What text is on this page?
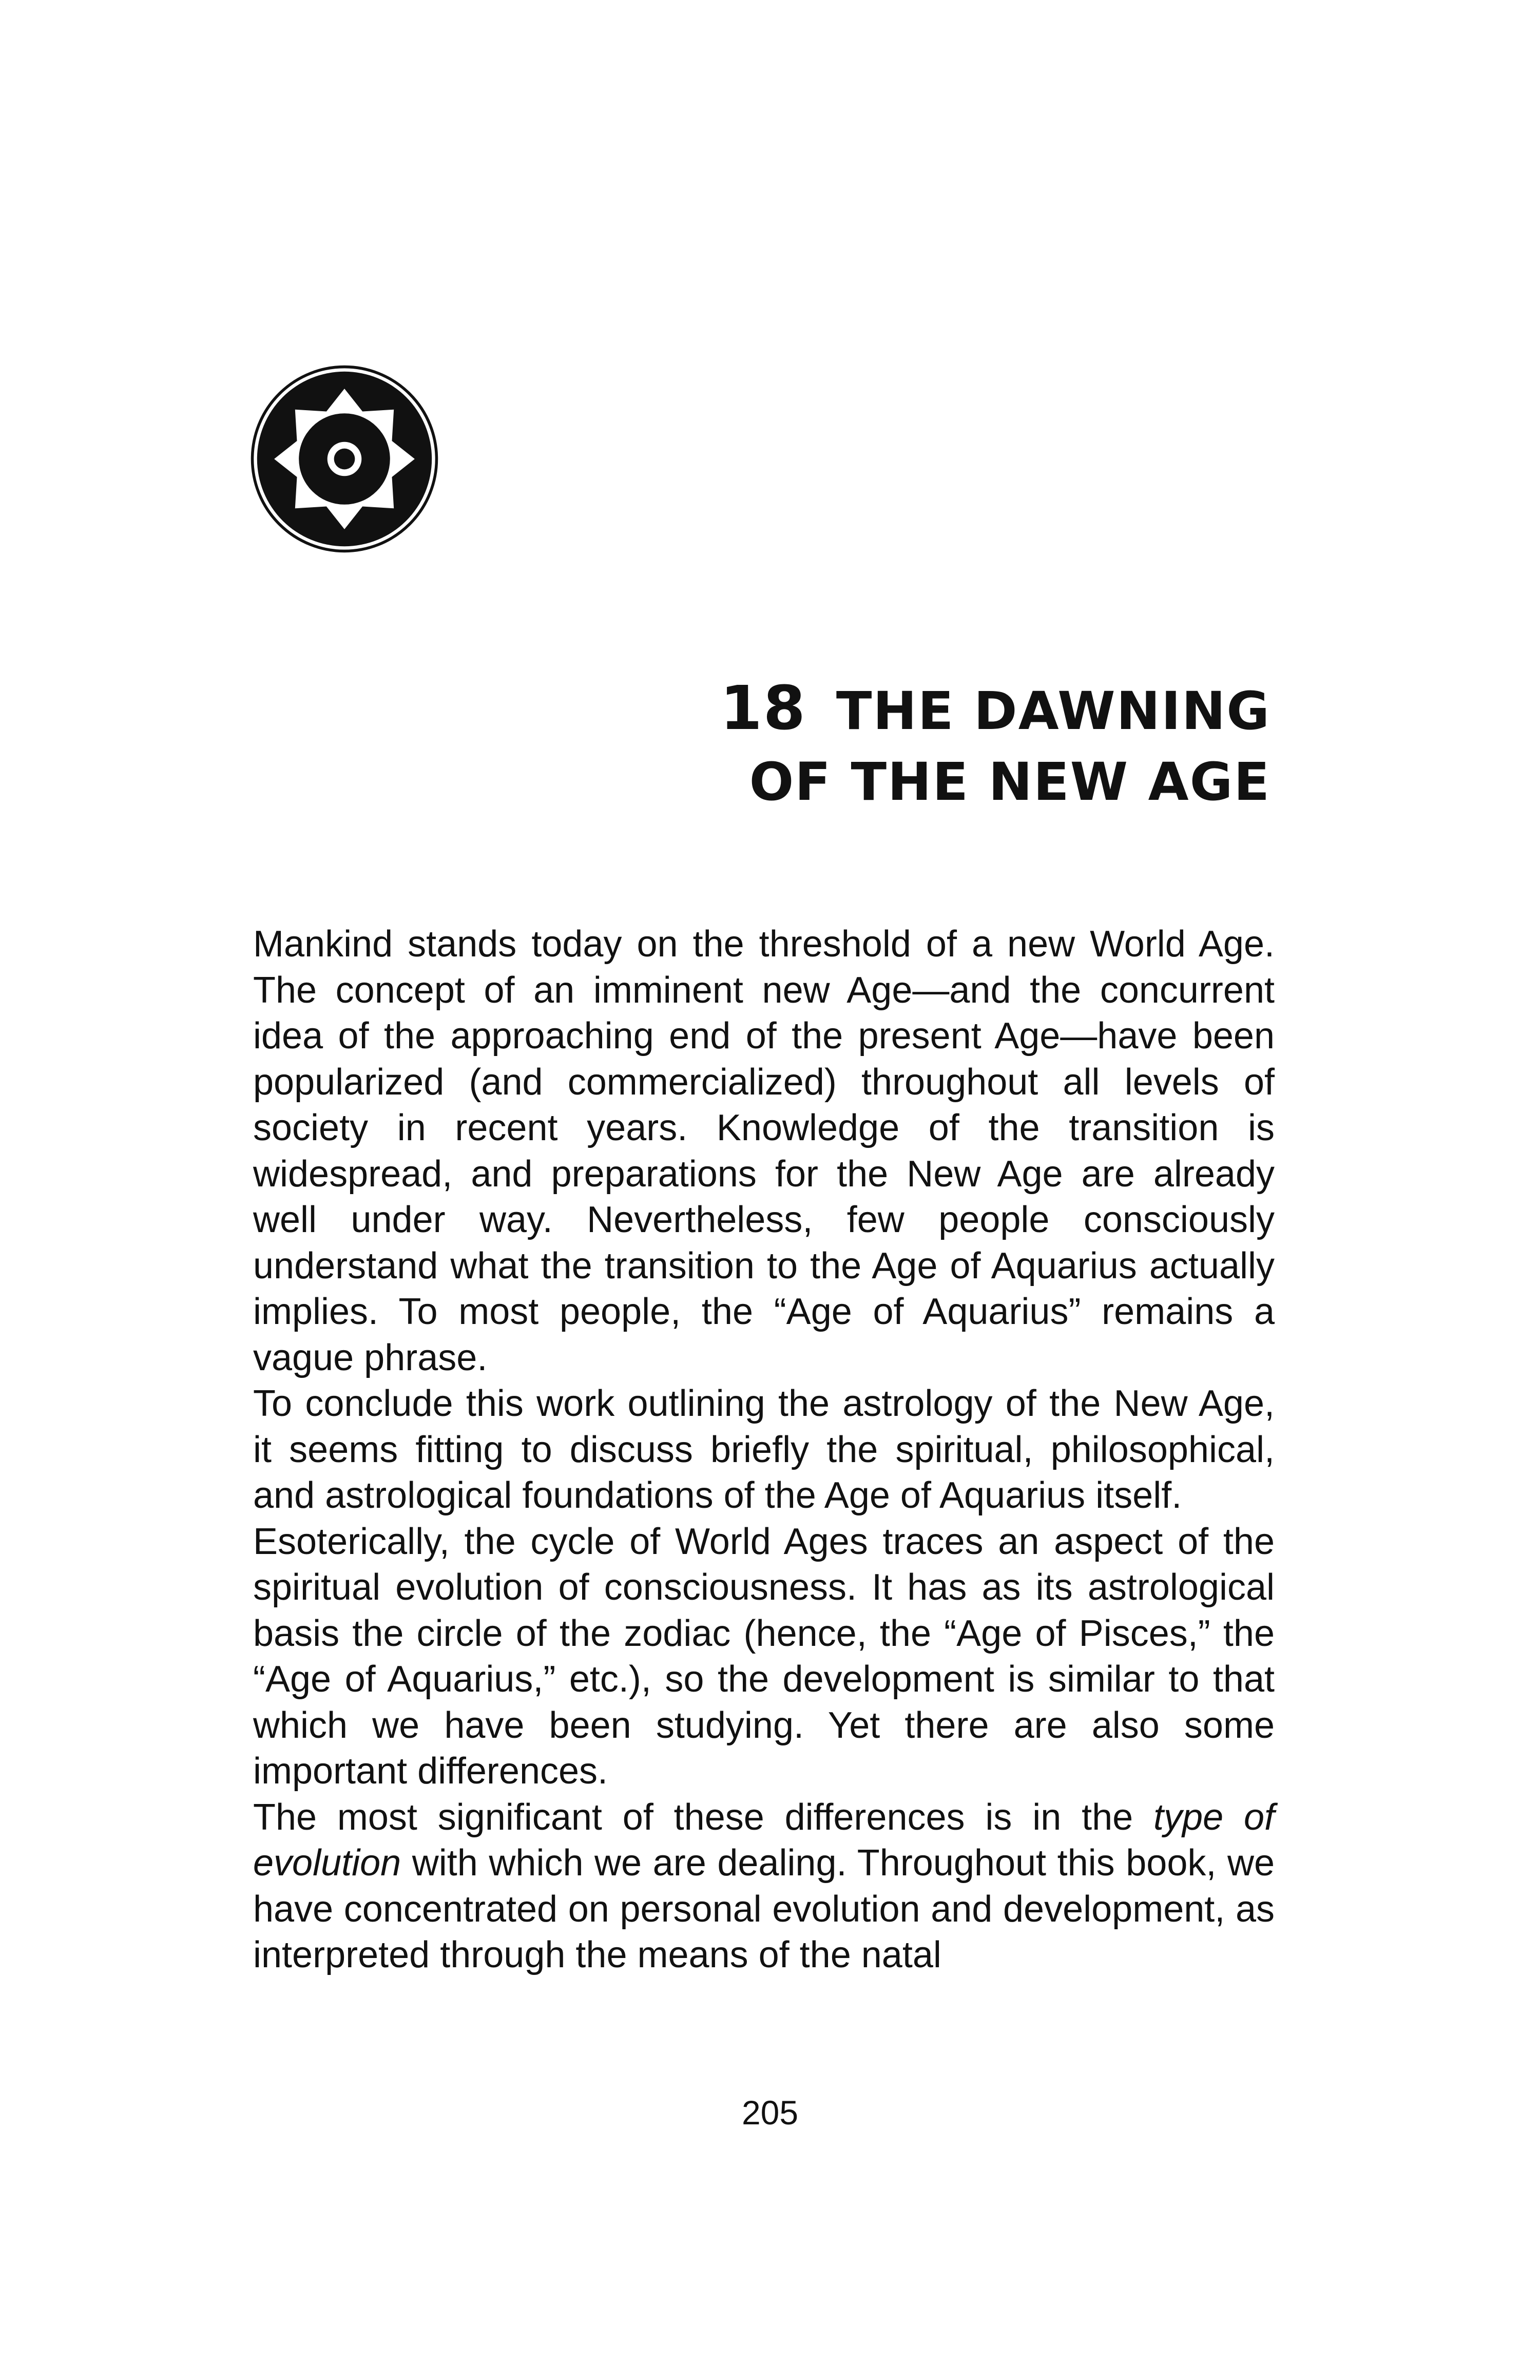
18 THE DAWNING
OF THE NEW AGE

Mankind stands today on the threshold of a new World Age. The concept of an imminent new Age—and the concurrent idea of the approaching end of the present Age—have been popularized (and commercialized) throughout all levels of society in recent years. Knowledge of the transition is widespread, and preparations for the New Age are already well under way. Nevertheless, few people consciously understand what the transition to the Age of Aquarius actually implies. To most people, the “Age of Aquarius” remains a vague phrase.

To conclude this work outlining the astrology of the New Age, it seems fitting to discuss briefly the spiritual, philosophical, and astrological foundations of the Age of Aquarius itself.

Esoterically, the cycle of World Ages traces an aspect of the spiritual evolution of consciousness. It has as its astrological basis the circle of the zodiac (hence, the “Age of Pisces,” the “Age of Aquarius,” etc.), so the development is similar to that which we have been studying. Yet there are also some important differences.

The most significant of these differences is in the type of evolution with which we are dealing. Throughout this book, we have concentrated on personal evolution and development, as interpreted through the means of the natal

205
